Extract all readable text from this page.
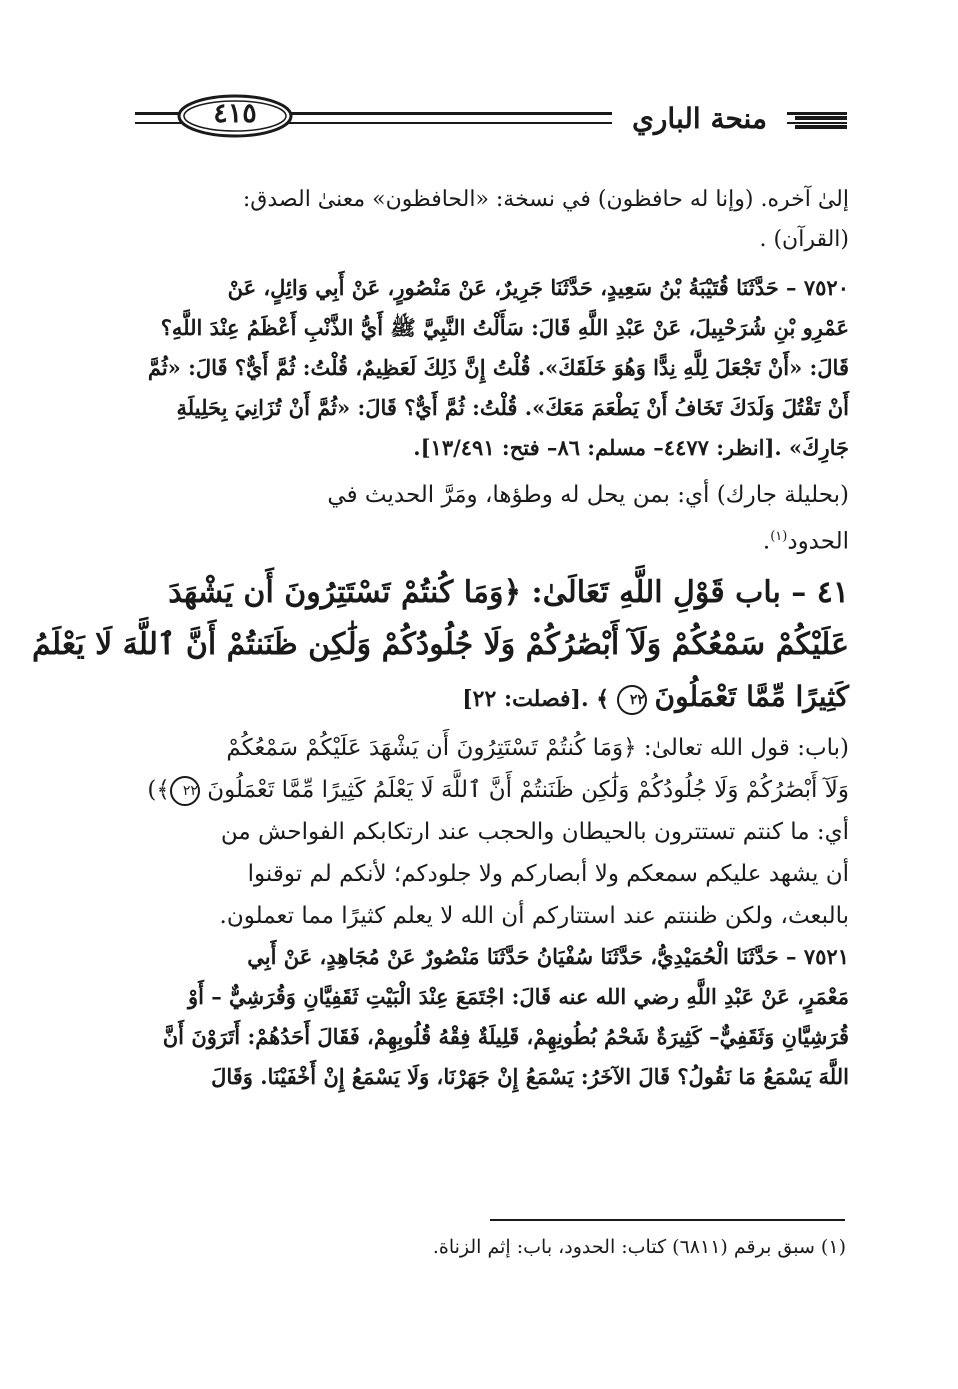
منحة الباري
٤١٥
إلىٰ آخره. (وإنا له حافظون) في نسخة: «الحافظون» معنىٰ الصدق:
(القرآن) .
٧٥٢٠ – حَدَّثَنَا قُتَيْبَةُ بْنُ سَعِيدٍ، حَدَّثَنَا جَرِيرٌ، عَنْ مَنْصُورٍ، عَنْ أَبِي وَائِلٍ، عَنْ
عَمْرِو بْنِ شُرَحْبِيلَ، عَنْ عَبْدِ اللَّهِ قَالَ: سَأَلْتُ النَّبِيَّ ﷺ أَيُّ الذَّنْبِ أَعْظَمُ عِنْدَ اللَّهِ؟
قَالَ: «أَنْ تَجْعَلَ لِلَّهِ نِدًّا وَهُوَ خَلَقَكَ». قُلْتُ إِنَّ ذَلِكَ لَعَظِيمٌ، قُلْتُ: ثُمَّ أَيٌّ؟ قَالَ: «ثُمَّ
أَنْ تَقْتُلَ وَلَدَكَ تَخَافُ أَنْ يَطْعَمَ مَعَكَ». قُلْتُ: ثُمَّ أَيٌّ؟ قَالَ: «ثُمَّ أَنْ تُزَانِيَ بِحَلِيلَةِ
جَارِكَ» .[انظر: ٤٤٧٧– مسلم: ٨٦– فتح: ١٣/٤٩١].
(بحليلة جارك) أي: بمن يحل له وطؤها، ومَرَّ الحديث في
الحدود$^{(١)}$.
٤١ – باب قَوْلِ اللَّهِ تَعَالَىٰ: ﴿وَمَا كُنتُمْ تَسْتَتِرُونَ أَن يَشْهَدَ
عَلَيْكُمْ سَمْعُكُمْ وَلَآ أَبْصَٰرُكُمْ وَلَا جُلُودُكُمْ وَلَٰكِن ظَنَنتُمْ أَنَّ ٱللَّهَ لَا يَعْلَمُ
كَثِيرًا مِّمَّا تَعْمَلُونَ ٢٢ ﴾ .[فصلت: ٢٢]
(باب: قول الله تعالىٰ: ﴿وَمَا كُنتُمْ تَسْتَتِرُونَ أَن يَشْهَدَ عَلَيْكُمْ سَمْعُكُمْ
وَلَآ أَبْصَٰرُكُمْ وَلَا جُلُودُكُمْ وَلَٰكِن ظَنَنتُمْ أَنَّ ٱللَّهَ لَا يَعْلَمُ كَثِيرًا مِّمَّا تَعْمَلُونَ ٢٢﴾)
أي: ما كنتم تستترون بالحيطان والحجب عند ارتكابكم الفواحش من
أن يشهد عليكم سمعكم ولا أبصاركم ولا جلودكم؛ لأنكم لم توقنوا
بالبعث، ولكن ظننتم عند استتاركم أن الله لا يعلم كثيرًا مما تعملون.
٧٥٢١ – حَدَّثَنَا الْحُمَيْدِيُّ، حَدَّثَنَا سُفْيَانُ حَدَّثَنَا مَنْصُورٌ عَنْ مُجَاهِدٍ، عَنْ أَبِي
مَعْمَرٍ، عَنْ عَبْدِ اللَّهِ رضي الله عنه قَالَ: اجْتَمَعَ عِنْدَ الْبَيْتِ ثَقَفِيَّانِ وَقُرَشِيٌّ – أَوْ
قُرَشِيَّانِ وَثَقَفِيٌّ– كَثِيرَةٌ شَحْمُ بُطُونِهِمْ، قَلِيلَةٌ فِقْهُ قُلُوبِهِمْ، فَقَالَ أَحَدُهُمْ: أَتَرَوْنَ أَنَّ
اللَّهَ يَسْمَعُ مَا نَقُولُ؟ قَالَ الآخَرُ: يَسْمَعُ إِنْ جَهَرْنَا، وَلَا يَسْمَعُ إِنْ أَخْفَيْنَا. وَقَالَ
(١) سبق برقم (٦٨١١) كتاب: الحدود، باب: إثم الزناة.
